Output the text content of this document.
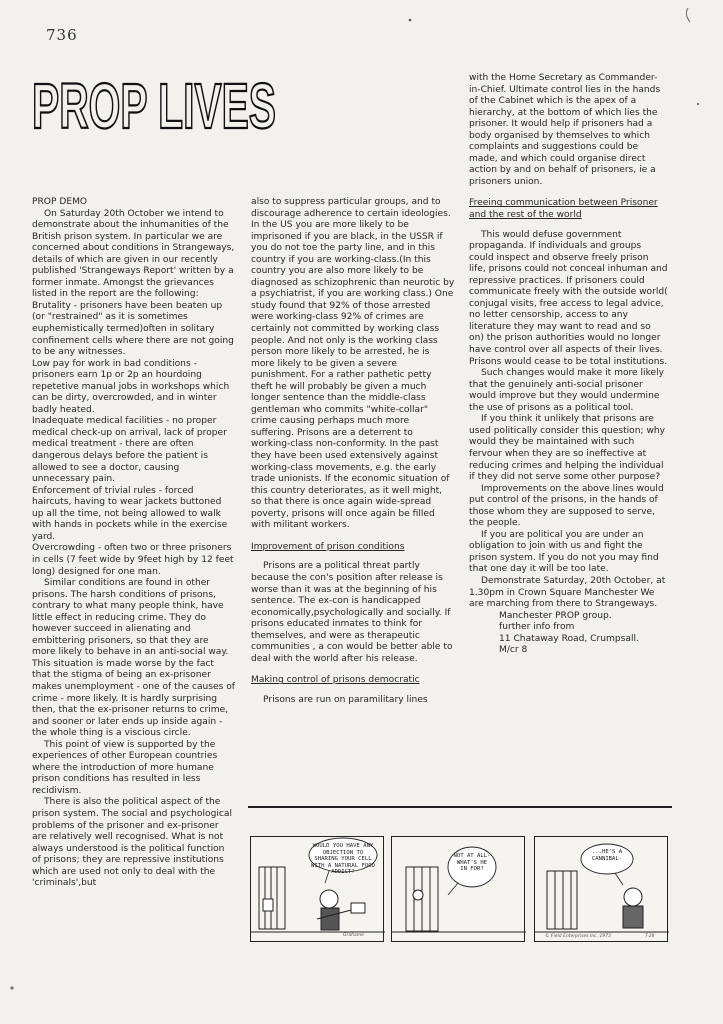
736
PROP LIVES

PROP DEMO

On Saturday 20th October we intend to demonstrate about the inhumanities of the British prison system. In particular we are concerned about conditions in Strangeways, details of which are given in our recently published 'Strangeways Report' written by a former inmate. Amongst the grievances listed in the report are the following:

Brutality - prisoners have been beaten up (or "restrained" as it is sometimes euphemistically termed)often in solitary confinement cells where there are not going to be any witnesses.

Low pay for work in bad conditions - prisoners earn 1p or 2p an hourdoing repetetive manual jobs in workshops which can be dirty, overcrowded, and in winter badly heated.

Inadequate medical facilities - no proper medical check-up on arrival, lack of proper medical treatment - there are often dangerous delays before the patient is allowed to see a doctor, causing unnecessary pain.

Enforcement of trivial rules - forced haircuts, having to wear jackets buttoned up all the time, not being allowed to walk with hands in pockets while in the exercise yard.

Overcrowding - often two or three prisoners in cells (7 feet wide by 9feet high by 12 feet long) designed for one man.

Similar conditions are found in other prisons. The harsh conditions of prisons, contrary to what many people think, have little effect in reducing crime. They do however succeed in alienating and embittering prisoners, so that they are more likely to behave in an anti-social way. This situation is made worse by the fact that the stigma of being an ex-prisoner makes unemployment - one of the causes of crime - more likely. It is hardly surprising then, that the ex-prisoner returns to crime, and sooner or later ends up inside again - the whole thing is a viscious circle.

This point of view is supported by the experiences of other European countries where the introduction of more humane prison conditions has resulted in less recidivism.

There is also the political aspect of the prison system. The social and psychological problems of the prisoner and ex-prisoner are relatively well recognised. What is not always understood is the political function of prisons; they are repressive institutions which are used not only to deal with the 'criminals',but

also to suppress particular groups, and to discourage adherence to certain ideologies. In the US you are more likely to be imprisoned if you are black, in the USSR if you do not toe the party line, and in this country if you are working-class.(In this country you are also more likely to be diagnosed as schizophrenic than neurotic by a psychiatrist, if you are working class.) One study found that 92% of those arrested were working-class 92% of crimes are certainly not committed by working class people. And not only is the working class person more likely to be arrested, he is more likely to be given a severe punishment. For a rather pathetic petty theft he will probably be given a much longer sentence than the middle-class gentleman who commits "white-collar" crime causing perhaps much more suffering. Prisons are a deterrent to working-class non-conformity. In the past they have been used extensively against working-class movements, e.g. the early trade unionists. If the economic situation of this country deteriorates, as it well might, so that there is once again wide-spread poverty, prisons will once again be filled with militant workers.

Improvement of prison conditions

Prisons are a political threat partly because the con's position after release is worse than it was at the beginning of his sentence. The ex-con is handicapped economically,psychologically and socially. If prisons educated inmates to think for themselves, and were as therapeutic communities , a con would be better able to deal with the world after his release.

Making control of prisons democratic

Prisons are run on paramilitary lines

with the Home Secretary as Commander-in-Chief. Ultimate control lies in the hands of the Cabinet which is the apex of a hierarchy, at the bottom of which lies the prisoner. It would help if prisoners had a body organised by themselves to which complaints and suggestions could be made, and which could organise direct action by and on behalf of prisoners, ie a prisoners union.

Freeing communication between Prisoner and the rest of the world

This would defuse government propaganda. If individuals and groups could inspect and observe freely prison life, prisons could not conceal inhuman and repressive practices. If prisoners could communicate freely with the outside world( conjugal visits, free access to legal advice, no letter censorship, access to any literature they may want to read and so on) the prison authorities would no longer have control over all aspects of their lives. Prisons would cease to be total institutions.

Such changes would make it more likely that the genuinely anti-social prisoner would improve but they would undermine the use of prisons as a political tool.

If you think it unlikely that prisons are used politically consider this question; why would they be maintained with such fervour when they are so ineffective at reducing crimes and helping the individual if they did not serve some other purpose?

Improvements on the above lines would put control of the prisons, in the hands of those whom they are supposed to serve, the people.

If you are political you are under an obligation to join with us and fight the prison system. If you do not you may find that one day it will be too late.

Demonstrate Saturday, 20th October, at 1.30pm in Crown Square Manchester We are marching from there to Strangeways.

Manchester PROP group.

further info from

11 Chataway Road, Crumpsall.

M/cr 8

WOULD YOU HAVE ANY OBJECTION TO SHARING YOUR CELL WITH A NATURAL FOOD ADDICT?
Grahame
NOT AT ALL- WHAT'S HE IN FOR?
...HE'S A CANNIBAL-
© Field Enterprises Inc. 1973	T-28
